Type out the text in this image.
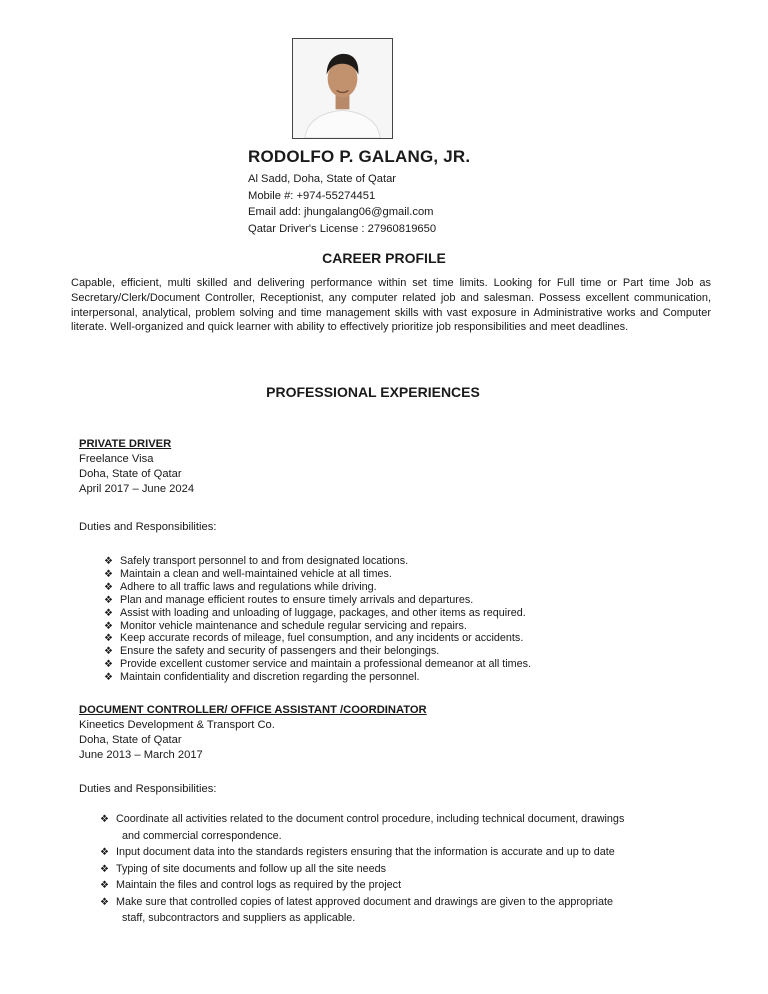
RODOLFO P. GALANG, JR.
Al Sadd, Doha, State of Qatar
Mobile #: +974-55274451
Email add: jhungalang06@gmail.com
Qatar Driver's License : 27960819650
CAREER PROFILE
Capable, efficient, multi skilled and delivering performance within set time limits. Looking for Full time or Part time Job as Secretary/Clerk/Document Controller, Receptionist, any computer related job and salesman. Possess excellent communication, interpersonal, analytical, problem solving and time management skills with vast exposure in Administrative works and Computer literate. Well-organized and quick learner with ability to effectively prioritize job responsibilities and meet deadlines.
PROFESSIONAL EXPERIENCES
PRIVATE DRIVER
Freelance Visa
Doha, State of Qatar
April 2017 – June 2024
Duties and Responsibilities:
❖ Safely transport personnel to and from designated locations.
❖ Maintain a clean and well-maintained vehicle at all times.
❖ Adhere to all traffic laws and regulations while driving.
❖ Plan and manage efficient routes to ensure timely arrivals and departures.
❖ Assist with loading and unloading of luggage, packages, and other items as required.
❖ Monitor vehicle maintenance and schedule regular servicing and repairs.
❖ Keep accurate records of mileage, fuel consumption, and any incidents or accidents.
❖ Ensure the safety and security of passengers and their belongings.
❖ Provide excellent customer service and maintain a professional demeanor at all times.
❖ Maintain confidentiality and discretion regarding the personnel.
DOCUMENT CONTROLLER/ OFFICE ASSISTANT /COORDINATOR
Kineetics Development & Transport Co.
Doha, State of Qatar
June 2013 – March 2017
Duties and Responsibilities:
❖ Coordinate all activities related to the document control procedure, including technical document, drawings
and commercial correspondence.
❖ Input document data into the standards registers ensuring that the information is accurate and up to date
❖ Typing of site documents and follow up all the site needs
❖ Maintain the files and control logs as required by the project
❖ Make sure that controlled copies of latest approved document and drawings are given to the appropriate
staff, subcontractors and suppliers as applicable.
